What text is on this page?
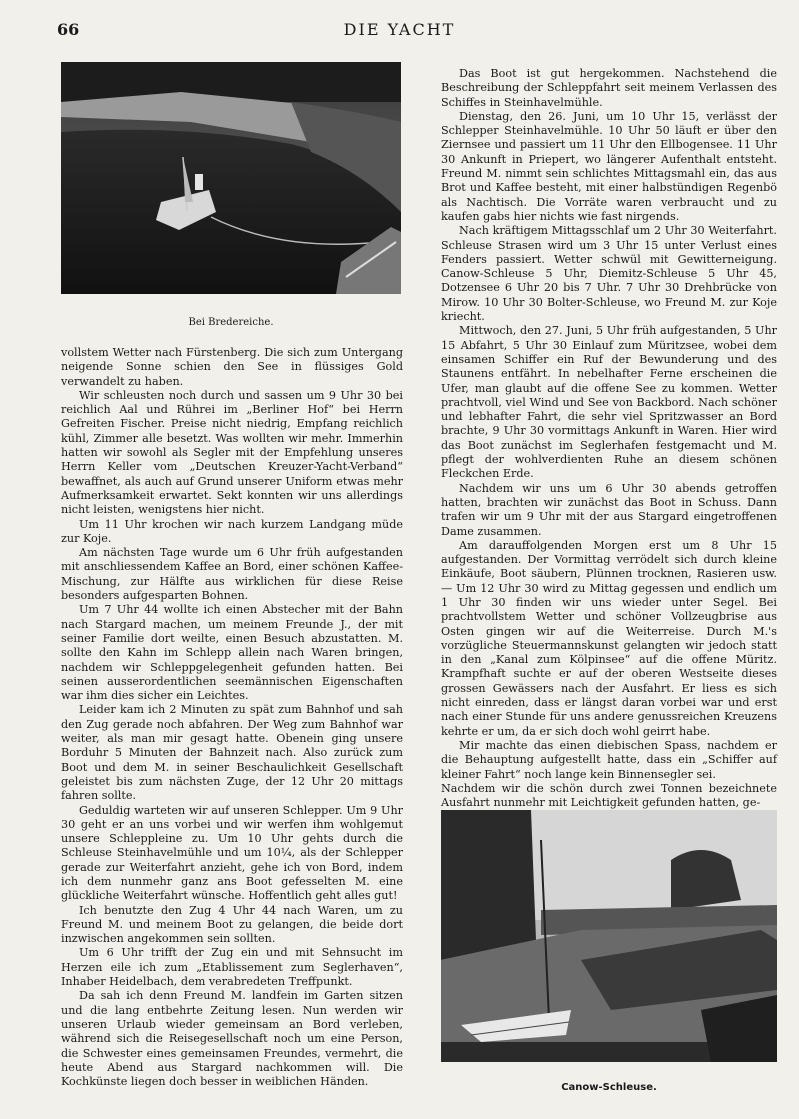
66	DIE YACHT
Bei Bredereiche.

vollstem Wetter nach Fürstenberg. Die sich zum Untergang neigende Sonne schien den See in flüssiges Gold verwandelt zu haben.

Wir schleusten noch durch und sassen um 9 Uhr 30 bei reichlich Aal und Rührei im „Berliner Hof“ bei Herrn Gefreiten Fischer. Preise nicht niedrig, Empfang reichlich kühl, Zimmer alle besetzt. Was wollten wir mehr. Immerhin hatten wir sowohl als Segler mit der Empfehlung unseres Herrn Keller vom „Deutschen Kreuzer-Yacht-Verband“ bewaffnet, als auch auf Grund unserer Uniform etwas mehr Aufmerksamkeit erwartet. Sekt konnten wir uns allerdings nicht leisten, wenigstens hier nicht.

Um 11 Uhr krochen wir nach kurzem Landgang müde zur Koje.

Am nächsten Tage wurde um 6 Uhr früh aufgestanden mit anschliessendem Kaffee an Bord, einer schönen Kaffee-Mischung, zur Hälfte aus wirklichen für diese Reise besonders aufgesparten Bohnen.

Um 7 Uhr 44 wollte ich einen Abstecher mit der Bahn nach Stargard machen, um meinem Freunde J., der mit seiner Familie dort weilte, einen Besuch abzustatten. M. sollte den Kahn im Schlepp allein nach Waren bringen, nachdem wir Schleppgelegenheit gefunden hatten. Bei seinen ausserordentlichen seemännischen Eigenschaften war ihm dies sicher ein Leichtes.

Leider kam ich 2 Minuten zu spät zum Bahnhof und sah den Zug gerade noch abfahren. Der Weg zum Bahnhof war weiter, als man mir gesagt hatte. Obenein ging unsere Borduhr 5 Minuten der Bahnzeit nach. Also zurück zum Boot und dem M. in seiner Beschaulichkeit Gesellschaft geleistet bis zum nächsten Zuge, der 12 Uhr 20 mittags fahren sollte.

Geduldig warteten wir auf unseren Schlepper. Um 9 Uhr 30 geht er an uns vorbei und wir werfen ihm wohlgemut unsere Schleppleine zu. Um 10 Uhr gehts durch die Schleuse Steinhavelmühle und um 10¼, als der Schlepper gerade zur Weiterfahrt anzieht, gehe ich von Bord, indem ich dem nunmehr ganz ans Boot gefesselten M. eine glückliche Weiterfahrt wünsche. Hoffentlich geht alles gut!

Ich benutzte den Zug 4 Uhr 44 nach Waren, um zu Freund M. und meinem Boot zu gelangen, die beide dort inzwischen angekommen sein sollten.

Um 6 Uhr trifft der Zug ein und mit Sehnsucht im Herzen eile ich zum „Etablissement zum Seglerhaven“, Inhaber Heidelbach, dem verabredeten Treffpunkt.

Da sah ich denn Freund M. landfein im Garten sitzen und die lang entbehrte Zeitung lesen. Nun werden wir unseren Urlaub wieder gemeinsam an Bord verleben, während sich die Reisegesellschaft noch um eine Person, die Schwester eines gemeinsamen Freundes, vermehrt, die heute Abend aus Stargard nachkommen will. Die Kochkünste liegen doch besser in weiblichen Händen.

Das Boot ist gut hergekommen. Nachstehend die Beschreibung der Schleppfahrt seit meinem Verlassen des Schiffes in Steinhavelmühle.

Dienstag, den 26. Juni, um 10 Uhr 15, verlässt der Schlepper Steinhavelmühle. 10 Uhr 50 läuft er über den Ziernsee und passiert um 11 Uhr den Ellbogensee. 11 Uhr 30 Ankunft in Priepert, wo längerer Aufenthalt entsteht. Freund M. nimmt sein schlichtes Mittagsmahl ein, das aus Brot und Kaffee besteht, mit einer halbstündigen Regenbö als Nachtisch. Die Vorräte waren verbraucht und zu kaufen gabs hier nichts wie fast nirgends.

Nach kräftigem Mittagsschlaf um 2 Uhr 30 Weiterfahrt. Schleuse Strasen wird um 3 Uhr 15 unter Verlust eines Fenders passiert. Wetter schwül mit Gewitterneigung. Canow-Schleuse 5 Uhr, Diemitz-Schleuse 5 Uhr 45, Dotzensee 6 Uhr 20 bis 7 Uhr. 7 Uhr 30 Drehbrücke von Mirow. 10 Uhr 30 Bolter-Schleuse, wo Freund M. zur Koje kriecht.

Mittwoch, den 27. Juni, 5 Uhr früh aufgestanden, 5 Uhr 15 Abfahrt, 5 Uhr 30 Einlauf zum Müritzsee, wobei dem einsamen Schiffer ein Ruf der Bewunderung und des Staunens entfährt. In nebelhafter Ferne erscheinen die Ufer, man glaubt auf die offene See zu kommen. Wetter prachtvoll, viel Wind und See von Backbord. Nach schöner und lebhafter Fahrt, die sehr viel Spritzwasser an Bord brachte, 9 Uhr 30 vormittags Ankunft in Waren. Hier wird das Boot zunächst im Seglerhafen festgemacht und M. pflegt der wohlverdienten Ruhe an diesem schönen Fleckchen Erde.

Nachdem wir uns um 6 Uhr 30 abends getroffen hatten, brachten wir zunächst das Boot in Schuss. Dann trafen wir um 9 Uhr mit der aus Stargard eingetroffenen Dame zusammen.

Am darauffolgenden Morgen erst um 8 Uhr 15 aufgestanden. Der Vormittag verrödelt sich durch kleine Einkäufe, Boot säubern, Plünnen trocknen, Rasieren usw. — Um 12 Uhr 30 wird zu Mittag gegessen und endlich um 1 Uhr 30 finden wir uns wieder unter Segel. Bei prachtvollstem Wetter und schöner Vollzeugbrise aus Osten gingen wir auf die Weiterreise. Durch M.'s vorzügliche Steuermannskunst gelangten wir jedoch statt in den „Kanal zum Kölpinsee“ auf die offene Müritz. Krampfhaft suchte er auf der oberen Westseite dieses grossen Gewässers nach der Ausfahrt. Er liess es sich nicht einreden, dass er längst daran vorbei war und erst nach einer Stunde für uns andere genussreichen Kreuzens kehrte er um, da er sich doch wohl geirrt habe.

Mir machte das einen diebischen Spass, nachdem er die Behauptung aufgestellt hatte, dass ein „Schiffer auf kleiner Fahrt“ noch lange kein Binnensegler sei.

Nachdem wir die schön durch zwei Tonnen bezeichnete Ausfahrt nunmehr mit Leichtigkeit gefunden hatten, ge-

Canow-Schleuse.
